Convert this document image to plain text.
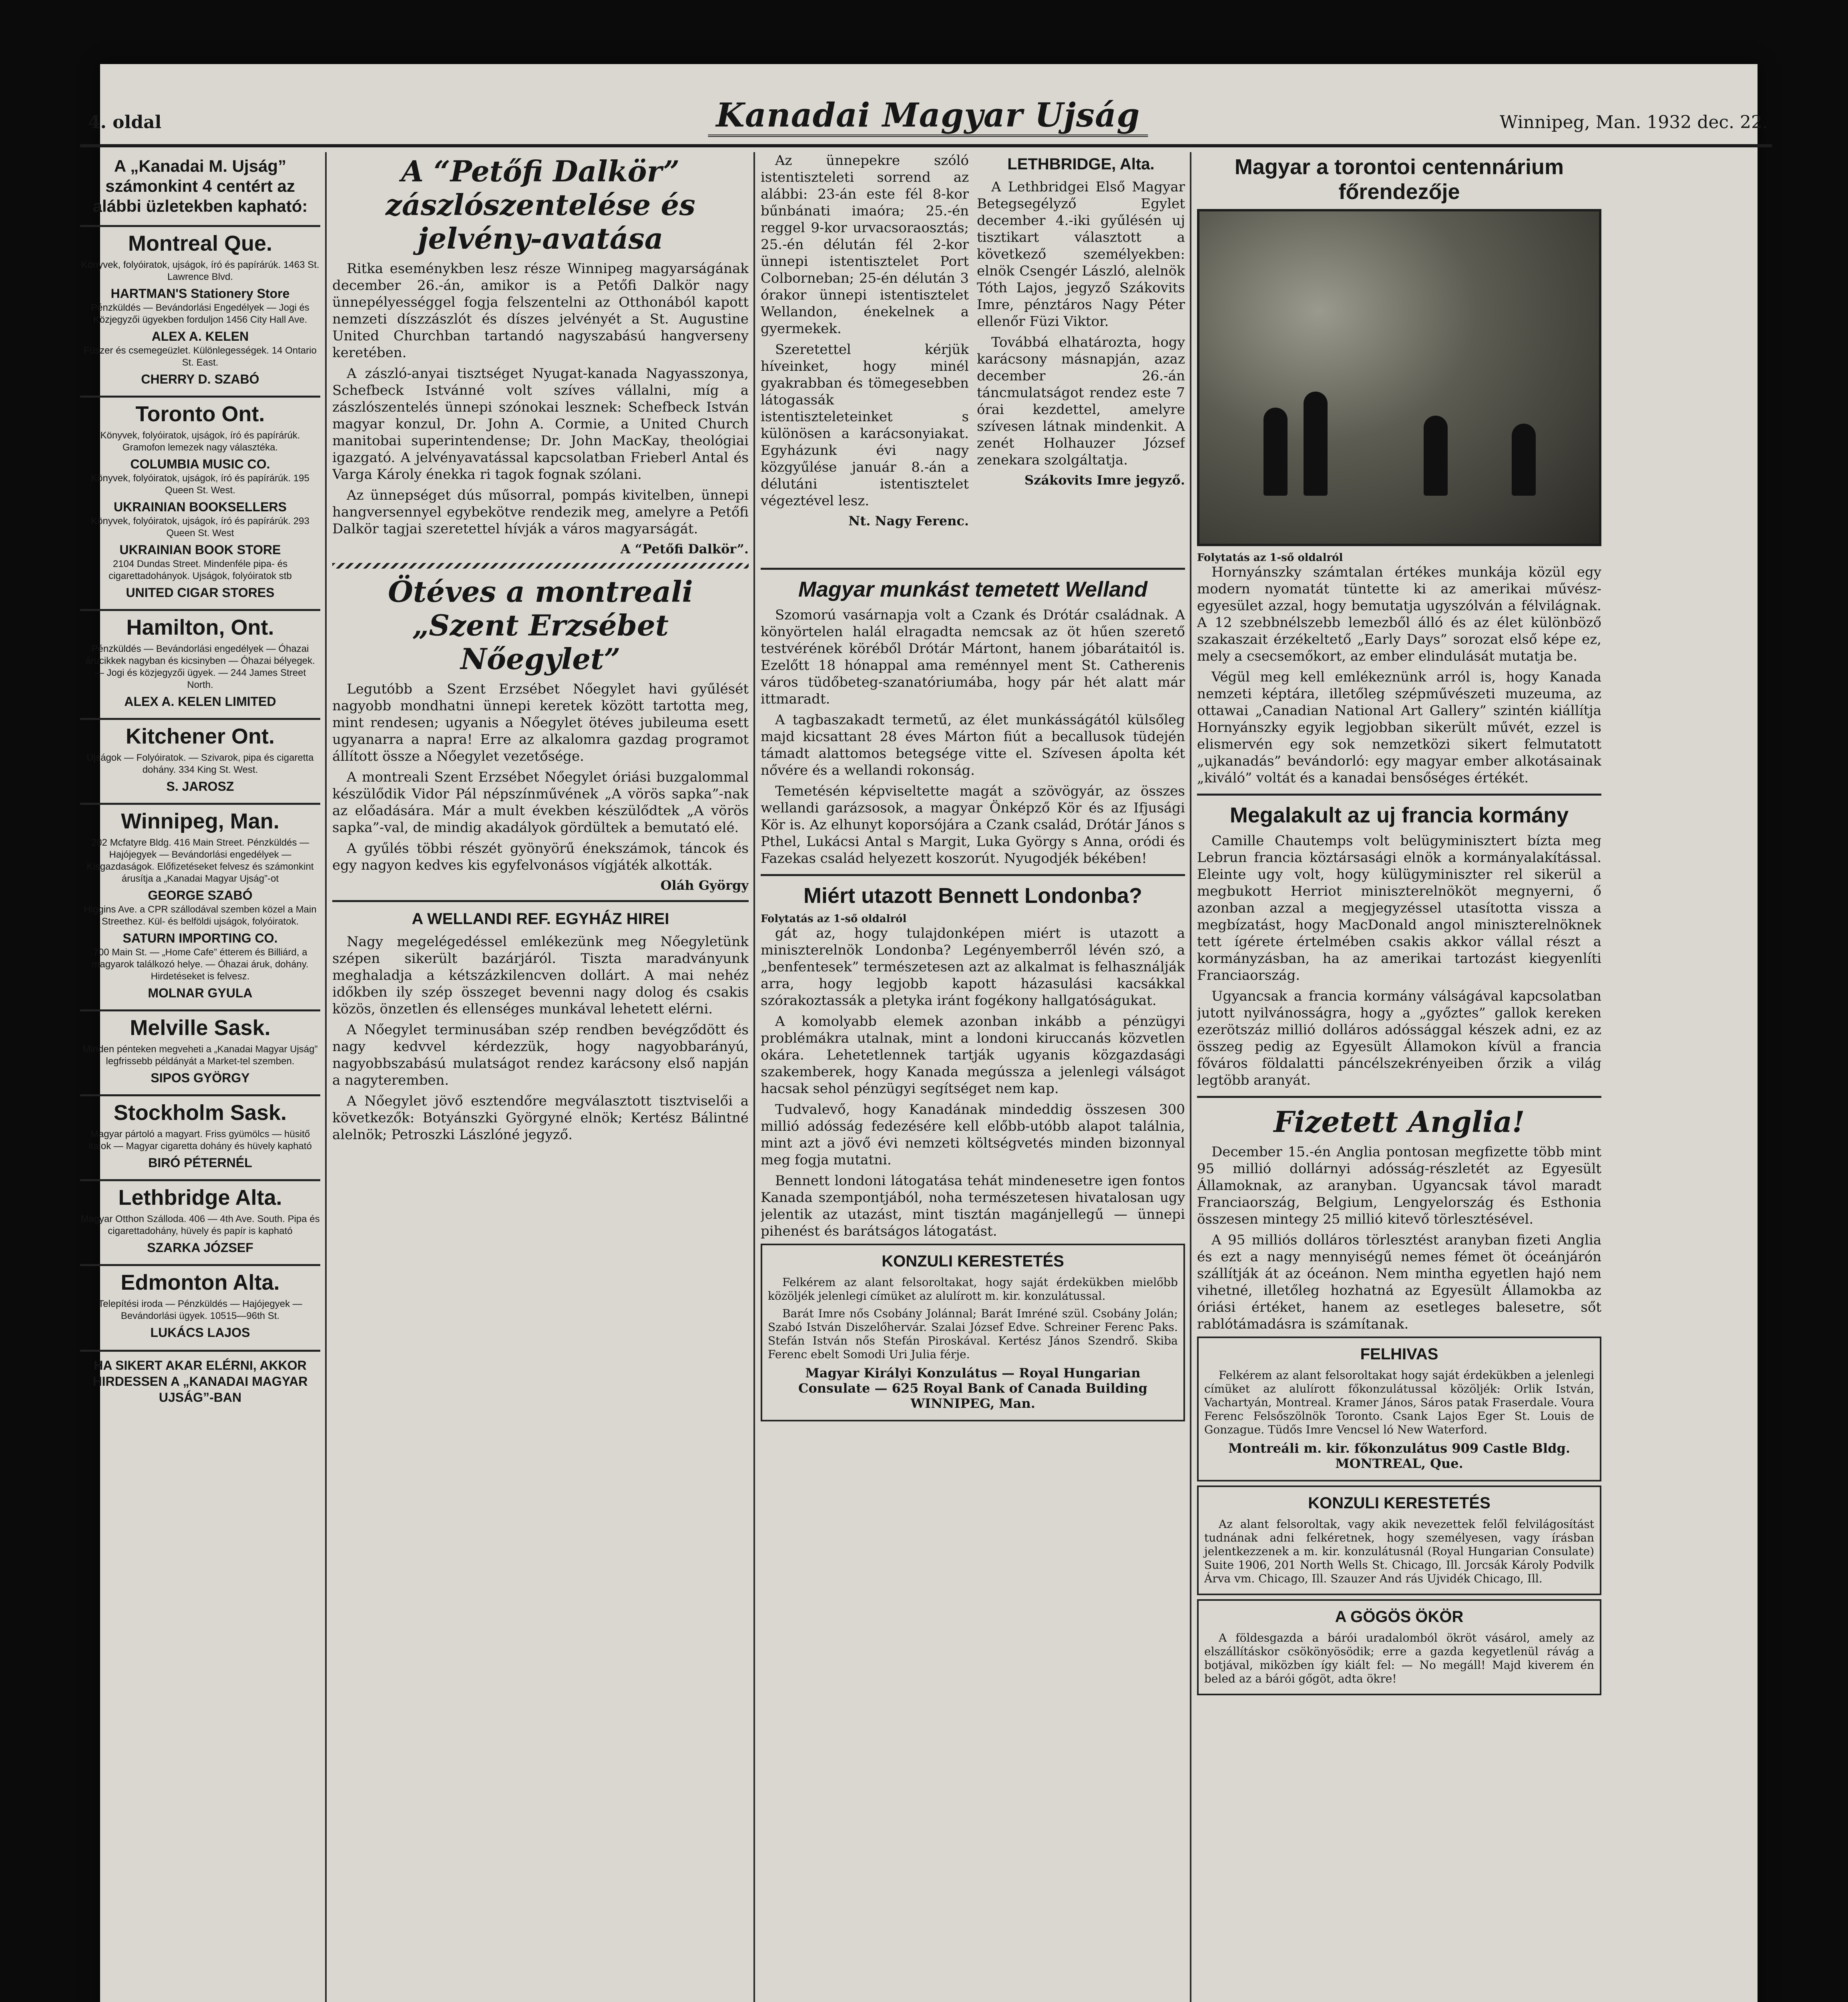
4. oldal	Kanadai Magyar Ujság	Winnipeg, Man. 1932 dec. 22.
A „Kanadai M. Ujság” számonkint 4 centért az alábbi üzletekben kapható:
Montreal Que.
Könyvek, folyóiratok, ujságok, író és papírárúk. 1463 St. Lawrence Blvd.
HARTMAN'S Stationery Store
Pénzküldés — Bevándorlási Engedélyek — Jogi és Közjegyzői ügyekben forduljon 1456 City Hall Ave.
ALEX A. KELEN
Füszer és csemegeüzlet. Különlegességek. 14 Ontario St. East.
CHERRY D. SZABÓ
Toronto Ont.
Könyvek, folyóiratok, ujságok, író és papírárúk. Gramofon lemezek nagy választéka.
COLUMBIA MUSIC CO.
Könyvek, folyóiratok, ujságok, író és papírárúk. 195 Queen St. West.
UKRAINIAN BOOKSELLERS
Könyvek, folyóiratok, ujságok, író és papírárúk. 293 Queen St. West
UKRAINIAN BOOK STORE
2104 Dundas Street. Mindenféle pipa- és cigarettadohányok. Ujságok, folyóiratok stb
UNITED CIGAR STORES
Hamilton, Ont.
Pénzküldés — Bevándorlási engedélyek — Óhazai árucikkek nagyban és kicsinyben — Óhazai bélyegek. — Jogi és közjegyzői ügyek. — 244 James Street North.
ALEX A. KELEN LIMITED
Kitchener Ont.
Ujságok — Folyóiratok. — Szivarok, pipa és cigaretta dohány. 334 King St. West.
S. JAROSZ
Winnipeg, Man.
202 Mcfatyre Bldg. 416 Main Street. Pénzküldés — Hajójegyek — Bevándorlási engedélyek — Kisgazdaságok. Előfizetéseket felvesz és számonkint árusítja a „Kanadai Magyar Ujság”-ot
GEORGE SZABÓ
Higgins Ave. a CPR szállodával szemben közel a Main Streethez. Kül- és belföldi ujságok, folyóiratok.
SATURN IMPORTING CO.
700 Main St. — „Home Cafe” étterem és Billiárd, a magyarok találkozó helye. — Óhazai áruk, dohány. Hirdetéseket is felvesz.
MOLNAR GYULA
Melville Sask.
Minden pénteken megveheti a „Kanadai Magyar Ujság” legfrissebb példányát a Market-tel szemben.
SIPOS GYÖRGY
Stockholm Sask.
Magyar pártoló a magyart. Friss gyümölcs — hüsitő italok — Magyar cigaretta dohány és hüvely kapható
BIRÓ PÉTERNÉL
Lethbridge Alta.
Magyar Otthon Szálloda. 406 — 4th Ave. South. Pipa és cigarettadohány, hüvely és papír is kapható
SZARKA JÓZSEF
Edmonton Alta.
Telepítési iroda — Pénzküldés — Hajójegyek — Bevándorlási ügyek. 10515—96th St.
LUKÁCS LAJOS
HA SIKERT AKAR ELÉRNI, AKKOR HIRDESSEN A „KANADAI MAGYAR UJSÁG”-BAN
A “Petőfi Dalkör” zászlószentelése és jelvény-avatása

Ritka eseménykben lesz része Winnipeg magyarságának december 26.-án, amikor is a Petőfi Dalkör nagy ünnepélyességgel fogja felszentelni az Otthonából kapott nemzeti díszzászlót és díszes jelvényét a St. Augustine United Churchban tartandó nagyszabású hangverseny keretében.

A zászló-anyai tisztséget Nyugat-kanada Nagyasszonya, Schefbeck Istvánné volt szíves vállalni, míg a zászlószentelés ünnepi szónokai lesznek: Schefbeck István magyar konzul, Dr. John A. Cormie, a United Church manitobai superintendense; Dr. John MacKay, theológiai igazgató. A jelvényavatással kapcsolatban Frieberl Antal és Varga Károly énekka ri tagok fognak szólani.

Az ünnepséget dús műsorral, pompás kivitelben, ünnepi hangversennyel egybekötve rendezik meg, amelyre a Petőfi Dalkör tagjai szeretettel hívják a város magyarságát.

A “Petőfi Dalkör”.
Ötéves a montreali „Szent Erzsébet Nőegylet”

Legutóbb a Szent Erzsébet Nőegylet havi gyűlését nagyobb mondhatni ünnepi keretek között tartotta meg, mint rendesen; ugyanis a Nőegylet ötéves jubileuma esett ugyanarra a napra! Erre az alkalomra gazdag programot állított össze a Nőegylet vezetősége.

A montreali Szent Erzsébet Nőegylet óriási buzgalommal készülődik Vidor Pál népszínművének „A vörös sapka”-nak az előadására. Már a mult években készülődtek „A vörös sapka”-val, de mindig akadályok gördültek a bemutató elé.

A gyűlés többi részét gyönyörű énekszámok, táncok és egy nagyon kedves kis egyfelvonásos vígjáték alkották.

Oláh György
A WELLANDI REF. EGYHÁZ HIREI

Nagy megelégedéssel emlékezünk meg Nőegyletünk szépen sikerült bazárjáról. Tiszta maradványunk meghaladja a kétszázkilencven dollárt. A mai nehéz időkben ily szép összeget bevenni nagy dolog és csakis közös, önzetlen és ellenséges munkával lehetett elérni.

A Nőegylet terminusában szép rendben bevégződött és nagy kedvvel kérdezzük, hogy nagyobbarányú, nagyobbszabású mulatságot rendez karácsony első napján a nagyteremben.

A Nőegylet jövő esztendőre megválasztott tisztviselői a következők: Botyánszki Györgyné elnök; Kertész Bálintné alelnök; Petroszki Lászlóné jegyző.

Az ünnepekre szóló istentiszteleti sorrend az alábbi: 23-án este fél 8-kor bűnbánati imaóra; 25.-én reggel 9-kor urvacsoraosztás; 25.-én délután fél 2-kor ünnepi istentisztelet Port Colborneban; 25-én délután 3 órakor ünnepi istentisztelet Wellandon, énekelnek a gyermekek.

Szeretettel kérjük híveinket, hogy minél gyakrabban és tömegesebben látogassák istentiszteleteinket s különösen a karácsonyiakat. Egyházunk évi nagy közgyűlése január 8.-án a délutáni istentisztelet végeztével lesz.

Nt. Nagy Ferenc.
LETHBRIDGE, Alta.

A Lethbridgei Első Magyar Betegsegélyző Egylet december 4.-iki gyűlésén uj tisztikart választott a következő személyekben: elnök Csengér László, alelnök Tóth Lajos, jegyző Szákovits Imre, pénztáros Nagy Péter ellenőr Füzi Viktor.

Továbbá elhatározta, hogy karácsony másnapján, azaz december 26.-án táncmulatságot rendez este 7 órai kezdettel, amelyre szívesen látnak mindenkit. A zenét Holhauzer József zenekara szolgáltatja.

Szákovits Imre jegyző.
Magyar munkást temetett Welland

Szomorú vasárnapja volt a Czank és Drótár családnak. A könyörtelen halál elragadta nemcsak az öt hűen szerető testvérének köréből Drótár Mártont, hanem jóbarátaitól is. Ezelőtt 18 hónappal ama reménnyel ment St. Catherenis város tüdőbeteg-szanatóriumába, hogy pár hét alatt már ittmaradt.

A tagbaszakadt termetű, az élet munkásságától külsőleg majd kicsattant 28 éves Márton fiút a becallusok tüdején támadt alattomos betegsége vitte el. Szívesen ápolta két nővére és a wellandi rokonság.

Temetésén képviseltette magát a szövögyár, az összes wellandi garázsosok, a magyar Önképző Kör és az Ifjusági Kör is. Az elhunyt koporsójára a Czank család, Drótár János s Pthel, Lukácsi Antal s Margit, Luka György s Anna, oródi és Fazekas család helyezett koszorút. Nyugodjék békében!

Miért utazott Bennett Londonba?
Folytatás az 1-ső oldalról

gát az, hogy tulajdonképen miért is utazott a miniszterelnök Londonba? Legényemberről lévén szó, a „benfentesek” természetesen azt az alkalmat is felhasználják arra, hogy legjobb kapott házasulási kacsákkal szórakoztassák a pletyka iránt fogékony hallgatóságukat.

A komolyabb elemek azonban inkább a pénzügyi problémákra utalnak, mint a londoni kiruccanás közvetlen okára. Lehetetlennek tartják ugyanis közgazdasági szakemberek, hogy Kanada megússza a jelenlegi válságot hacsak sehol pénzügyi segítséget nem kap.

Tudvalevő, hogy Kanadának mindeddig összesen 300 millió adósság fedezésére kell előbb-utóbb alapot találnia, mint azt a jövő évi nemzeti költségvetés minden bizonnyal meg fogja mutatni.

Bennett londoni látogatása tehát mindenesetre igen fontos Kanada szempontjából, noha természetesen hivatalosan ugy jelentik az utazást, mint tisztán magánjellegű — ünnepi pihenést és barátságos látogatást.

KONZULI KERESTETÉS

Felkérem az alant felsoroltakat, hogy saját érdekükben mielőbb közöljék jelenlegi címüket az alulírott m. kir. konzulátussal.

Barát Imre nős Csobány Jolánnal; Barát Imréné szül. Csobány Jolán; Szabó István Diszelőhervár. Szalai József Edve. Schreiner Ferenc Paks. Stefán István nős Stefán Piroskával. Kertész János Szendrő. Skiba Ferenc ebelt Somodi Uri Julia férje.

Magyar Királyi Konzulátus — Royal Hungarian Consulate — 625 Royal Bank of Canada Building WINNIPEG, Man.
Magyar a torontoi centennárium főrendezője
Folytatás az 1-ső oldalról

Hornyánszky számtalan értékes munkája közül egy modern nyomatát tüntette ki az amerikai művész-egyesület azzal, hogy bemutatja ugyszólván a félvilágnak. A 12 szebbnélszebb lemezből álló és az élet különböző szakaszait érzékeltető „Early Days” sorozat első képe ez, mely a csecsemőkort, az ember elindulását mutatja be.

Végül meg kell emlékeznünk arról is, hogy Kanada nemzeti képtára, illetőleg szépművészeti muzeuma, az ottawai „Canadian National Art Gallery” szintén kiállítja Hornyánszky egyik legjobban sikerült művét, ezzel is elismervén egy sok nemzetközi sikert felmutatott „ujkanadás” bevándorló: egy magyar ember alkotásainak „kiváló” voltát és a kanadai bensőséges értékét.

Megalakult az uj francia kormány

Camille Chautemps volt belügyminisztert bízta meg Lebrun francia köztársasági elnök a kormányalakítással. Eleinte ugy volt, hogy külügyminiszter rel sikerül a megbukott Herriot miniszterelnököt megnyerni, ő azonban azzal a megjegyzéssel utasította vissza a megbízatást, hogy MacDonald angol miniszterelnöknek tett ígérete értelmében csakis akkor vállal részt a kormányzásban, ha az amerikai tartozást kiegyenlíti Franciaország.

Ugyancsak a francia kormány válságával kapcsolatban jutott nyilvánosságra, hogy a „győztes” gallok kereken ezerötszáz millió dolláros adóssággal készek adni, ez az összeg pedig az Egyesült Államokon kívül a francia főváros földalatti páncélszekrényeiben őrzik a világ legtöbb aranyát.

Fizetett Anglia!

December 15.-én Anglia pontosan megfizette több mint 95 millió dollárnyi adósság-részletét az Egyesült Államoknak, az aranyban. Ugyancsak távol maradt Franciaország, Belgium, Lengyelország és Esthonia összesen mintegy 25 millió kitevő törlesztésével.

A 95 milliós dolláros törlesztést aranyban fizeti Anglia és ezt a nagy mennyiségű nemes fémet öt óceánjárón szállítják át az óceánon. Nem mintha egyetlen hajó nem vihetné, illetőleg hozhatná az Egyesült Államokba az óriási értéket, hanem az esetleges balesetre, sőt rablótámadásra is számítanak.

FELHIVAS

Felkérem az alant felsoroltakat hogy saját érdekükben a jelenlegi címüket az alulírott főkonzulátussal közöljék: Orlik István, Vachartyán, Montreal. Kramer János, Sáros patak Fraserdale. Voura Ferenc Felsőszölnök Toronto. Csank Lajos Eger St. Louis de Gonzague. Tüdős Imre Vencsel ló New Waterford.

Montreáli m. kir. főkonzulátus 909 Castle Bldg. MONTREAL, Que.
KONZULI KERESTETÉS

Az alant felsoroltak, vagy akik nevezettek felől felvilágosítást tudnának adni felkéretnek, hogy személyesen, vagy írásban jelentkezzenek a m. kir. konzulátusnál (Royal Hungarian Consulate) Suite 1906, 201 North Wells St. Chicago, Ill. Jorcsák Károly Podvilk Árva vm. Chicago, Ill. Szauzer And rás Ujvidék Chicago, Ill.

A GÖGÖS ÖKÖR

A földesgazda a bárói uradalomból ökröt vásárol, amely az elszállításkor csökönyösödik; erre a gazda kegyetlenül rávág a botjával, miközben így kiált fel: — No megáll! Majd kiverem én beled az a bárói gőgöt, adta ökre!
